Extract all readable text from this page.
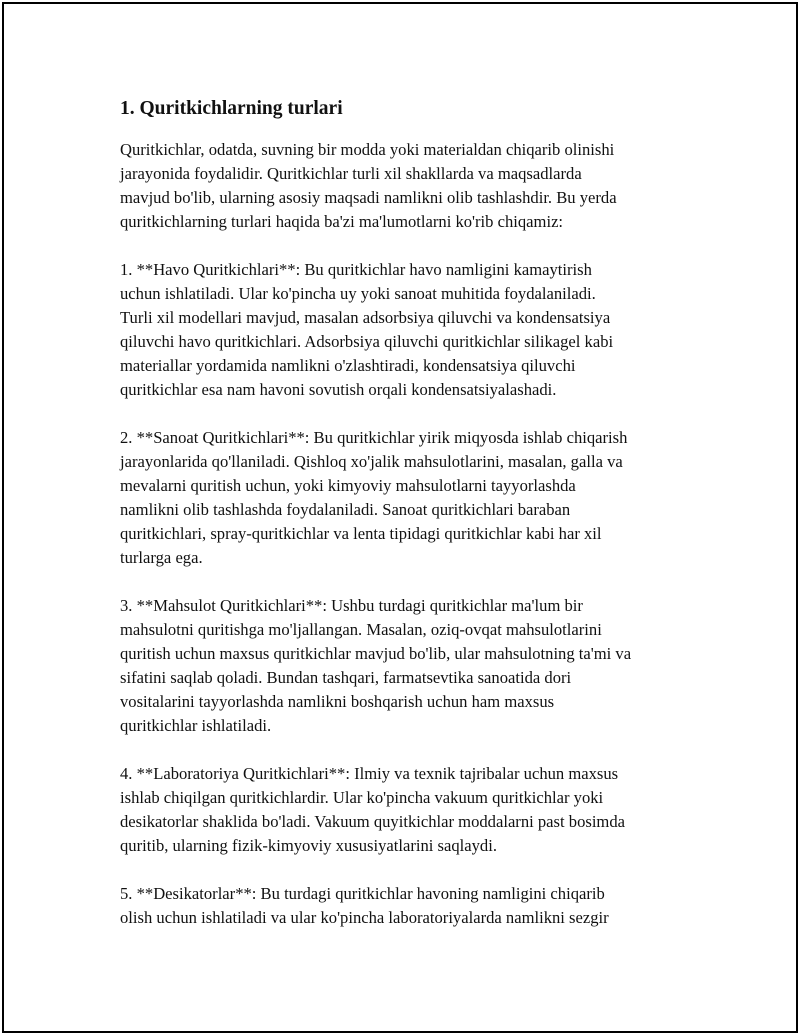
1. Quritkichlarning turlari

Quritkichlar, odatda, suvning bir modda yoki materialdan chiqarib olinishi
jarayonida foydalidir. Quritkichlar turli xil shakllarda va maqsadlarda
mavjud bo'lib, ularning asosiy maqsadi namlikni olib tashlashdir. Bu yerda
quritkichlarning turlari haqida ba'zi ma'lumotlarni ko'rib chiqamiz:

1. **Havo Quritkichlari**: Bu quritkichlar havo namligini kamaytirish
uchun ishlatiladi. Ular ko'pincha uy yoki sanoat muhitida foydalaniladi.
Turli xil modellari mavjud, masalan adsorbsiya qiluvchi va kondensatsiya
qiluvchi havo quritkichlari. Adsorbsiya qiluvchi quritkichlar silikagel kabi
materiallar yordamida namlikni o'zlashtiradi, kondensatsiya qiluvchi
quritkichlar esa nam havoni sovutish orqali kondensatsiyalashadi.

2. **Sanoat Quritkichlari**: Bu quritkichlar yirik miqyosda ishlab chiqarish
jarayonlarida qo'llaniladi. Qishloq xo'jalik mahsulotlarini, masalan, galla va
mevalarni quritish uchun, yoki kimyoviy mahsulotlarni tayyorlashda
namlikni olib tashlashda foydalaniladi. Sanoat quritkichlari baraban
quritkichlari, spray-quritkichlar va lenta tipidagi quritkichlar kabi har xil
turlarga ega.

3. **Mahsulot Quritkichlari**: Ushbu turdagi quritkichlar ma'lum bir
mahsulotni quritishga mo'ljallangan. Masalan, oziq-ovqat mahsulotlarini
quritish uchun maxsus quritkichlar mavjud bo'lib, ular mahsulotning ta'mi va
sifatini saqlab qoladi. Bundan tashqari, farmatsevtika sanoatida dori
vositalarini tayyorlashda namlikni boshqarish uchun ham maxsus
quritkichlar ishlatiladi.

4. **Laboratoriya Quritkichlari**: Ilmiy va texnik tajribalar uchun maxsus
ishlab chiqilgan quritkichlardir. Ular ko'pincha vakuum quritkichlar yoki
desikatorlar shaklida bo'ladi. Vakuum quyitkichlar moddalarni past bosimda
quritib, ularning fizik-kimyoviy xususiyatlarini saqlaydi.

5. **Desikatorlar**: Bu turdagi quritkichlar havoning namligini chiqarib
olish uchun ishlatiladi va ular ko'pincha laboratoriyalarda namlikni sezgir
